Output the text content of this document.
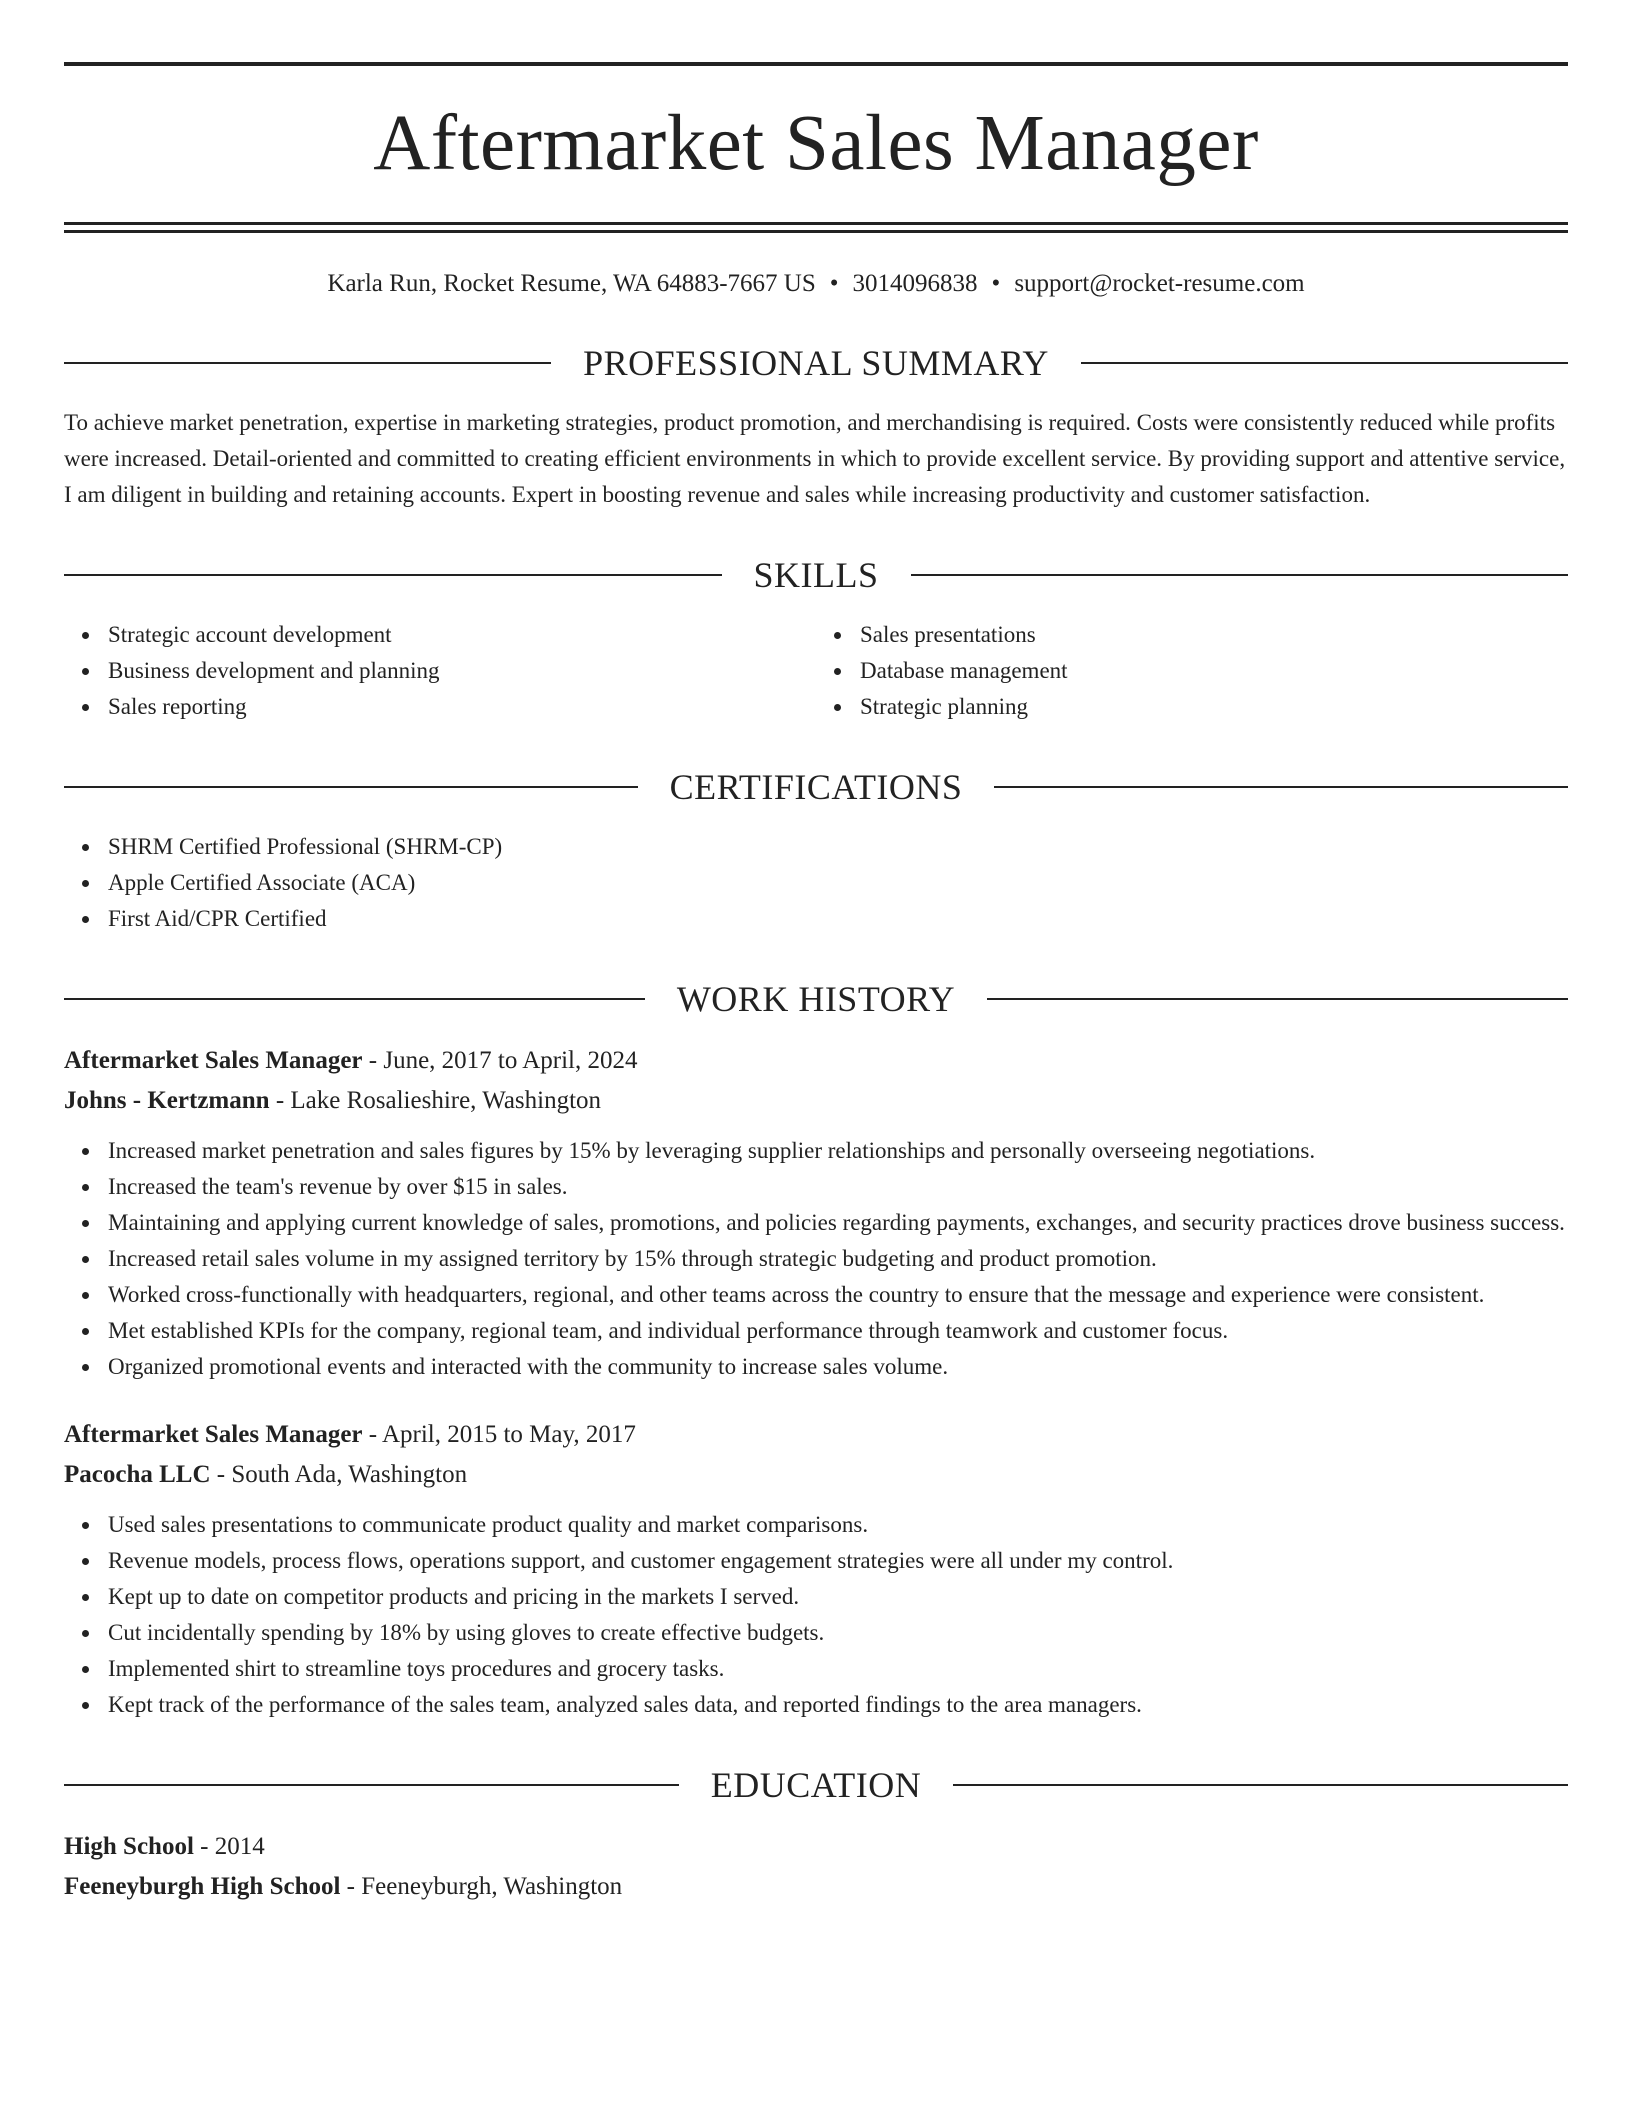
Aftermarket Sales Manager
Karla Run, Rocket Resume, WA 64883-7667 US • 3014096838 • support@rocket-resume.com
PROFESSIONAL SUMMARY

To achieve market penetration, expertise in marketing strategies, product promotion, and merchandising is required. Costs were consistently reduced while profits were increased. Detail-oriented and committed to creating efficient environments in which to provide excellent service. By providing support and attentive service, I am diligent in building and retaining accounts. Expert in boosting revenue and sales while increasing productivity and customer satisfaction.

SKILLS
Strategic account development
Business development and planning
Sales reporting
Sales presentations
Database management
Strategic planning
CERTIFICATIONS
SHRM Certified Professional (SHRM-CP)
Apple Certified Associate (ACA)
First Aid/CPR Certified
WORK HISTORY

Aftermarket Sales Manager - June, 2017 to April, 2024

Johns - Kertzmann - Lake Rosalieshire, Washington

Increased market penetration and sales figures by 15% by leveraging supplier relationships and personally overseeing negotiations.
Increased the team's revenue by over $15 in sales.
Maintaining and applying current knowledge of sales, promotions, and policies regarding payments, exchanges, and security practices drove business success.
Increased retail sales volume in my assigned territory by 15% through strategic budgeting and product promotion.
Worked cross-functionally with headquarters, regional, and other teams across the country to ensure that the message and experience were consistent.
Met established KPIs for the company, regional team, and individual performance through teamwork and customer focus.
Organized promotional events and interacted with the community to increase sales volume.

Aftermarket Sales Manager - April, 2015 to May, 2017

Pacocha LLC - South Ada, Washington

Used sales presentations to communicate product quality and market comparisons.
Revenue models, process flows, operations support, and customer engagement strategies were all under my control.
Kept up to date on competitor products and pricing in the markets I served.
Cut incidentally spending by 18% by using gloves to create effective budgets.
Implemented shirt to streamline toys procedures and grocery tasks.
Kept track of the performance of the sales team, analyzed sales data, and reported findings to the area managers.
EDUCATION

High School - 2014

Feeneyburgh High School - Feeneyburgh, Washington
